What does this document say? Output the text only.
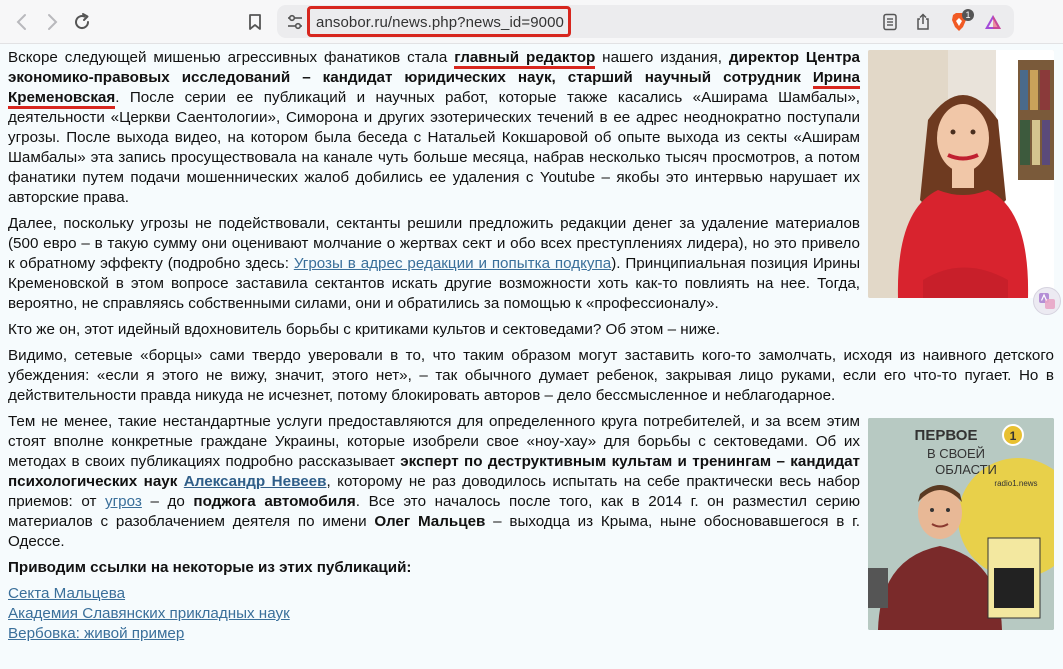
ansobor.ru/news.php?news_id=9000	1

Вскоре следующей мишенью агрессивных фанатиков стала главный редактор нашего издания, директор Центра экономико-правовых исследований – кандидат юридических наук, старший научный сотрудник Ирина Кременовская. После серии ее публикаций и научных работ, которые также касались «Аширама Шамбалы», деятельности «Церкви Саентологии», Симорона и других эзотерических течений в ее адрес неоднократно поступали угрозы. После выхода видео, на котором была беседа с Натальей Кокшаровой об опыте выхода из секты «Аширам Шамбалы» эта запись просуществовала на канале чуть больше месяца, набрав несколько тысяч просмотров, а потом фанатики путем подачи мошеннических жалоб добились ее удаления с Youtube – якобы это интервью нарушает их авторские права.

Далее, поскольку угрозы не подействовали, сектанты решили предложить редакции денег за удаление материалов (500 евро – в такую сумму они оценивают молчание о жертвах сект и обо всех преступлениях лидера), но это привело к обратному эффекту (подробно здесь: Угрозы в адрес редакции и попытка подкупа). Принципиальная позиция Ирины Кременовской в этом вопросе заставила сектантов искать другие возможности хоть как-то повлиять на нее. Тогда, вероятно, не справляясь собственными силами, они и обратились за помощью к «профессионалу».

Кто же он, этот идейный вдохновитель борьбы с критиками культов и сектоведами? Об этом – ниже.

Видимо, сетевые «борцы» сами твердо уверовали в то, что таким образом могут заставить кого-то замолчать, исходя из наивного детского убеждения: «если я этого не вижу, значит, этого нет», – так обычного думает ребенок, закрывая лицо руками, если его что-то пугает. Но в действительности правда никуда не исчезнет, потому блокировать авторов – дело бессмысленное и неблагодарное.

ПЕРВОЕ	1
В СВОЕЙ
ОБЛАСТИ
radio1.news

Тем не менее, такие нестандартные услуги предоставляются для определенного круга потребителей, и за всем этим стоят вполне конкретные граждане Украины, которые изобрели свое «ноу-хау» для борьбы с сектоведами. Об их методах в своих публикациях подробно рассказывает эксперт по деструктивным культам и тренингам – кандидат психологических наук Александр Невеев, которому не раз доводилось испытать на себе практически весь набор приемов: от угроз – до поджога автомобиля. Все это началось после того, как в 2014 г. он разместил серию материалов с разоблачением деятеля по имени Олег Мальцев – выходца из Крыма, ныне обосновавшегося в г. Одессе.

Приводим ссылки на некоторые из этих публикаций:

Секта Мальцева

Академия Славянских прикладных наук

Вербовка: живой пример
